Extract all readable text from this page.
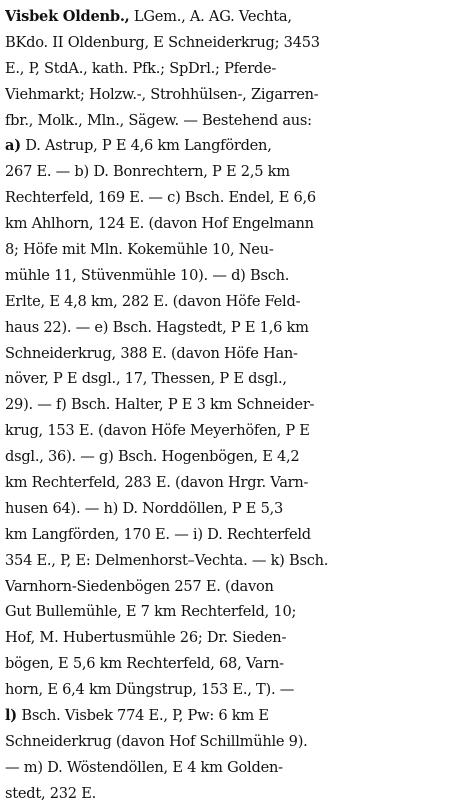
Visbek Oldenb., LGem., A. AG. Vechta,
BKdo. II Oldenburg, E Schneiderkrug; 3453
E., P, StdA., kath. Pfk.; SpDrl.; Pferde-
Viehmarkt; Holzw.-, Strohhülsen-, Zigarren-
fbr., Molk., Mln., Sägew. — Bestehend aus:
a) D. Astrup, P E 4,6 km Langförden,
267 E. — b) D. Bonrechtern, P E 2,5 km
Rechterfeld, 169 E. — c) Bsch. Endel, E 6,6
km Ahlhorn, 124 E. (davon Hof Engelmann
8; Höfe mit Mln. Kokemühle 10, Neu-
mühle 11, Stüvenmühle 10). — d) Bsch.
Erlte, E 4,8 km, 282 E. (davon Höfe Feld-
haus 22). — e) Bsch. Hagstedt, P E 1,6 km
Schneiderkrug, 388 E. (davon Höfe Han-
növer, P E dsgl., 17, Thessen, P E dsgl.,
29). — f) Bsch. Halter, P E 3 km Schneider-
krug, 153 E. (davon Höfe Meyerhöfen, P E
dsgl., 36). — g) Bsch. Hogenbögen, E 4,2
km Rechterfeld, 283 E. (davon Hrgr. Varn-
husen 64). — h) D. Norddöllen, P E 5,3
km Langförden, 170 E. — i) D. Rechterfeld
354 E., P, E: Delmenhorst–Vechta. — k) Bsch.
Varnhorn-Siedenbögen 257 E. (davon
Gut Bullemühle, E 7 km Rechterfeld, 10;
Hof, M. Hubertusmühle 26; Dr. Sieden-
bögen, E 5,6 km Rechterfeld, 68, Varn-
horn, E 6,4 km Düngstrup, 153 E., T). —
l) Bsch. Visbek 774 E., P, Pw: 6 km E
Schneiderkrug (davon Hof Schillmühle 9).
— m) D. Wöstendöllen, E 4 km Golden-
stedt, 232 E.
